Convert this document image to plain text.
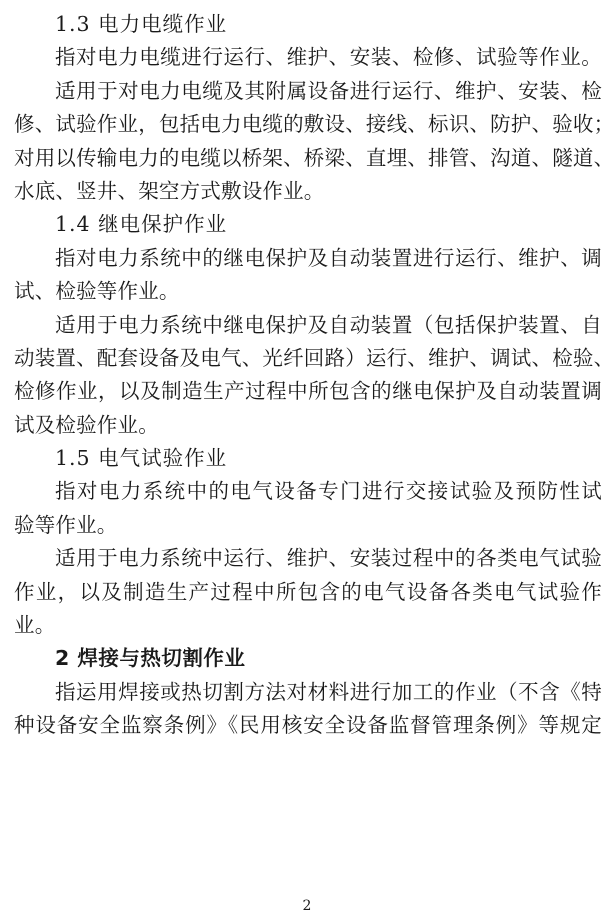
1.3 电力电缆作业
指对电力电缆进行运行、维护、安装、检修、试验等作业。
适用于对电力电缆及其附属设备进行运行、维护、安装、检
修、试验作业，包括电力电缆的敷设、接线、标识、防护、验收；
对用以传输电力的电缆以桥架、桥梁、直埋、排管、沟道、隧道、
水底、竖井、架空方式敷设作业。
1.4 继电保护作业
指对电力系统中的继电保护及自动装置进行运行、维护、调
试、检验等作业。
适用于电力系统中继电保护及自动装置（包括保护装置、自
动装置、配套设备及电气、光纤回路）运行、维护、调试、检验、
检修作业，以及制造生产过程中所包含的继电保护及自动装置调
试及检验作业。
1.5 电气试验作业
指对电力系统中的电气设备专门进行交接试验及预防性试
验等作业。
适用于电力系统中运行、维护、安装过程中的各类电气试验
作业，以及制造生产过程中所包含的电气设备各类电气试验作
业。
2 焊接与热切割作业
指运用焊接或热切割方法对材料进行加工的作业（不含《特
种设备安全监察条例》《民用核安全设备监督管理条例》等规定
2
